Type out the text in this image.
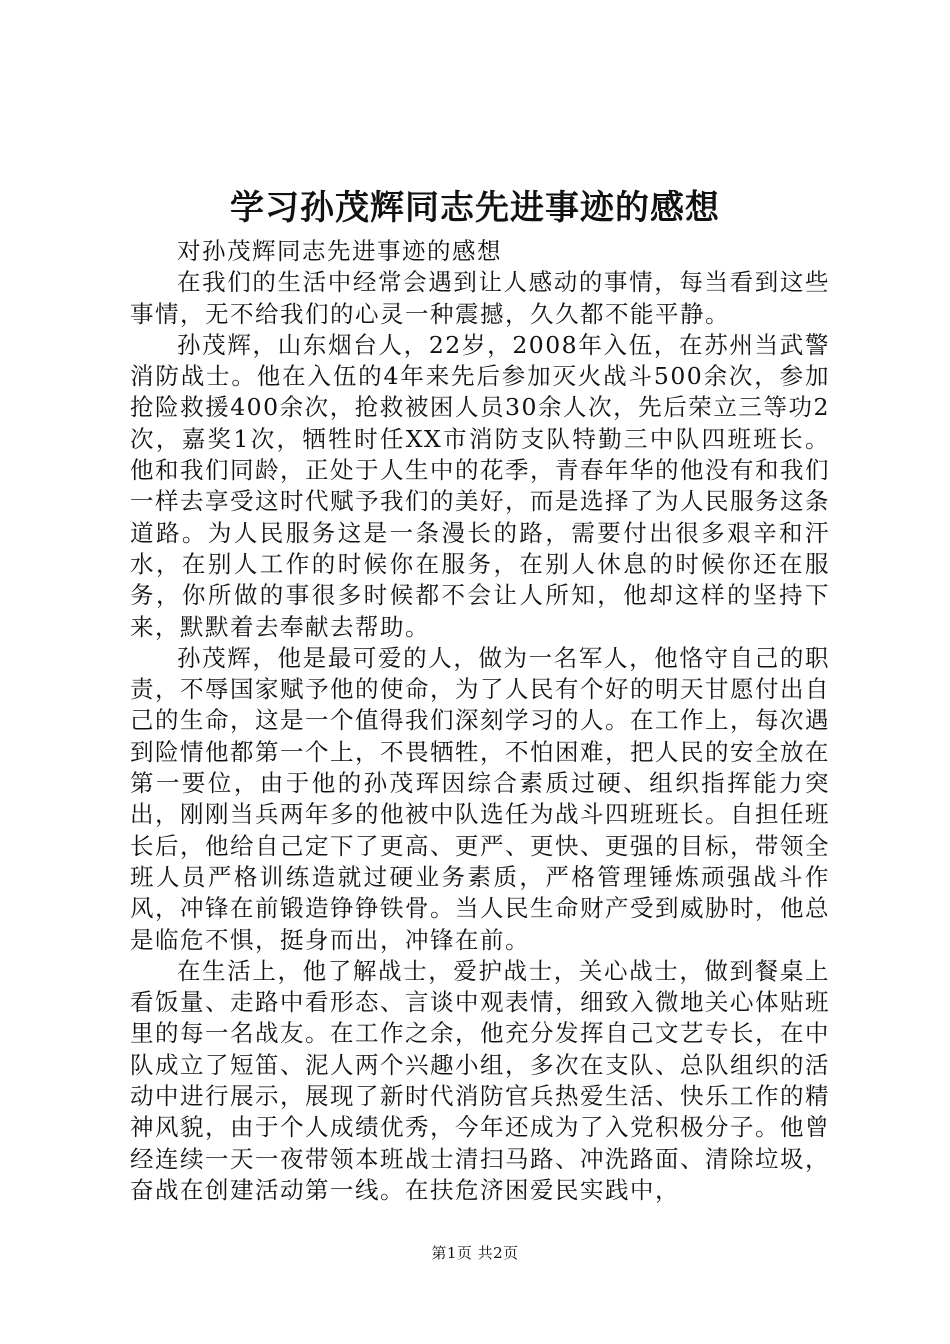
学习孙茂辉同志先进事迹的感想

对孙茂辉同志先进事迹的感想

在我们的生活中经常会遇到让人感动的事情，每当看到这些事情，无不给我们的心灵一种震撼，久久都不能平静。

孙茂辉，山东烟台人，22岁，2008年入伍，在苏州当武警消防战士。他在入伍的4年来先后参加灭火战斗500余次，参加抢险救援400余次，抢救被困人员30余人次，先后荣立三等功2次，嘉奖1次，牺牲时任XX市消防支队特勤三中队四班班长。他和我们同龄，正处于人生中的花季，青春年华的他没有和我们一样去享受这时代赋予我们的美好，而是选择了为人民服务这条道路。为人民服务这是一条漫长的路，需要付出很多艰辛和汗水，在别人工作的时候你在服务，在别人休息的时候你还在服务，你所做的事很多时候都不会让人所知，他却这样的坚持下来，默默着去奉献去帮助。

孙茂辉，他是最可爱的人，做为一名军人，他恪守自己的职责，不辱国家赋予他的使命，为了人民有个好的明天甘愿付出自己的生命，这是一个值得我们深刻学习的人。在工作上，每次遇到险情他都第一个上，不畏牺牲，不怕困难，把人民的安全放在第一要位，由于他的孙茂珲因综合素质过硬、组织指挥能力突出，刚刚当兵两年多的他被中队选任为战斗四班班长。自担任班长后，他给自己定下了更高、更严、更快、更强的目标，带领全班人员严格训练造就过硬业务素质，严格管理锤炼顽强战斗作风，冲锋在前锻造铮铮铁骨。当人民生命财产受到威胁时，他总是临危不惧，挺身而出，冲锋在前。

在生活上，他了解战士，爱护战士，关心战士，做到餐桌上看饭量、走路中看形态、言谈中观表情，细致入微地关心体贴班里的每一名战友。在工作之余，他充分发挥自己文艺专长，在中队成立了短笛、泥人两个兴趣小组，多次在支队、总队组织的活动中进行展示，展现了新时代消防官兵热爱生活、快乐工作的精神风貌，由于个人成绩优秀，今年还成为了入党积极分子。他曾经连续一天一夜带领本班战士清扫马路、冲洗路面、清除垃圾，奋战在创建活动第一线。在扶危济困爱民实践中，

第1页 共2页
